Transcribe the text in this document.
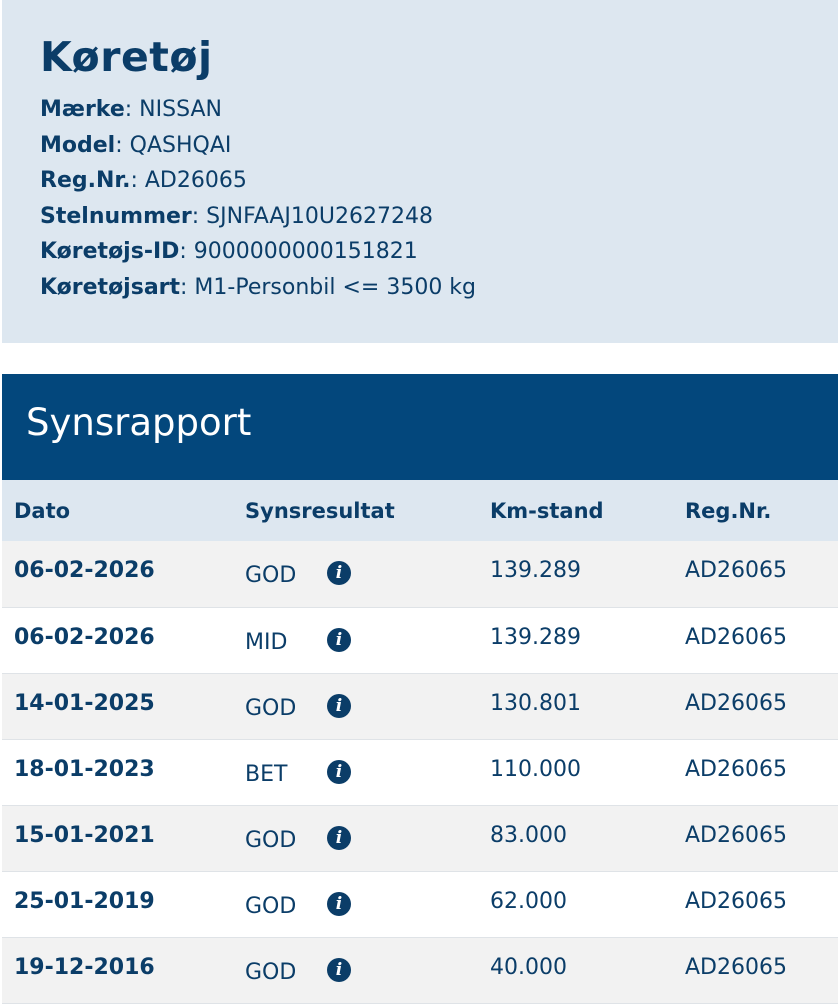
Køretøj
Mærke: NISSAN
Model: QASHQAI
Reg.Nr.: AD26065
Stelnummer: SJNFAAJ10U2627248
Køretøjs-ID: 9000000000151821
Køretøjsart: M1-Personbil <= 3500 kg
Synsrapport
Dato	Synsresultat	Km-stand	Reg.Nr.
06-02-2026	GOD i	139.289	AD26065
06-02-2026	MID i	139.289	AD26065
14-01-2025	GOD i	130.801	AD26065
18-01-2023	BET i	110.000	AD26065
15-01-2021	GOD i	83.000	AD26065
25-01-2019	GOD i	62.000	AD26065
19-12-2016	GOD i	40.000	AD26065
